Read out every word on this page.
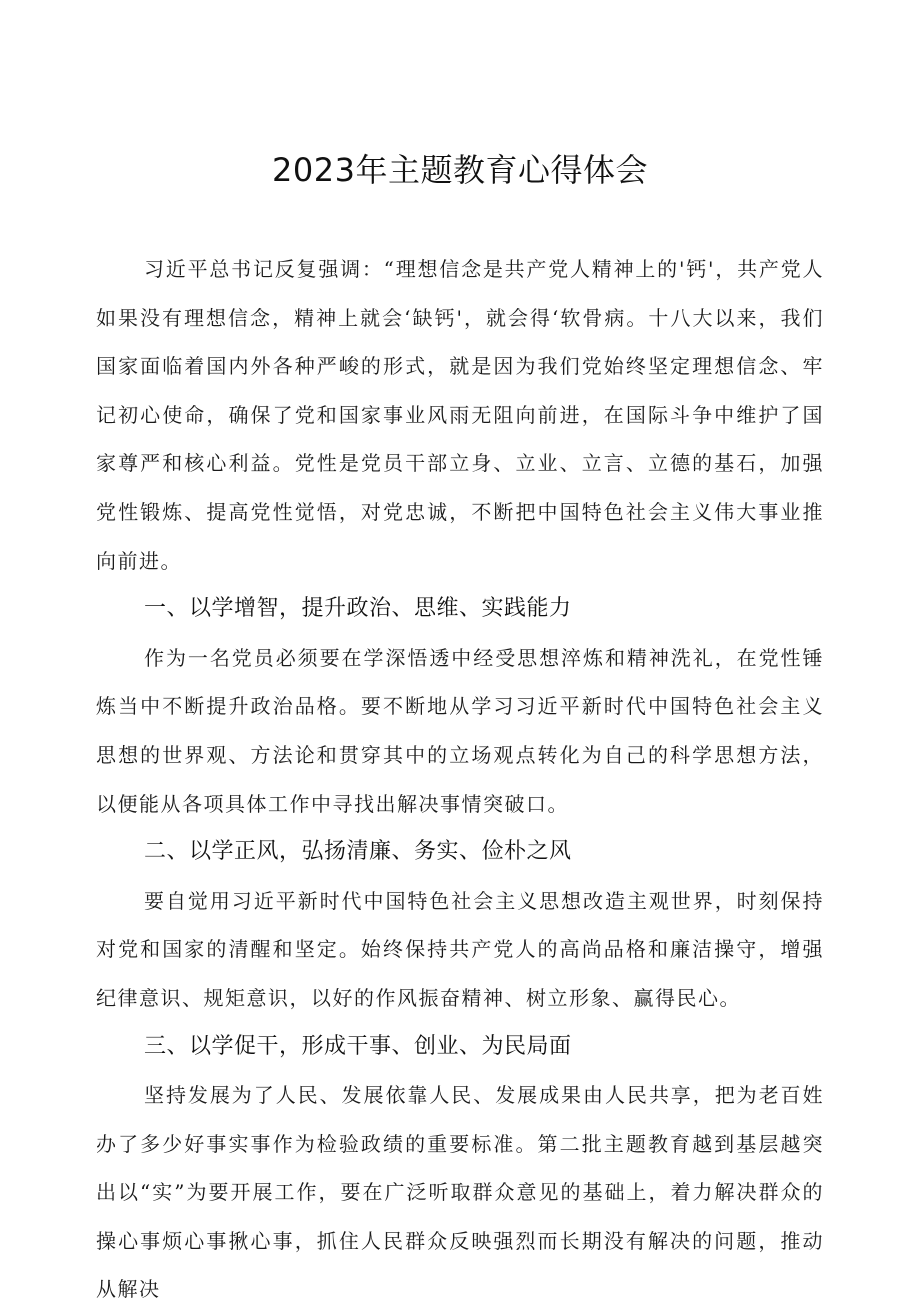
2023年主题教育心得体会

习近平总书记反复强调：“理想信念是共产党人精神上的'钙'，共产党人如果没有理想信念，精神上就会‘缺钙'，就会得‘软骨病。十八大以来，我们国家面临着国内外各种严峻的形式，就是因为我们党始终坚定理想信念、牢记初心使命，确保了党和国家事业风雨无阻向前进，在国际斗争中维护了国家尊严和核心利益。党性是党员干部立身、立业、立言、立德的基石，加强党性锻炼、提高党性觉悟，对党忠诚，不断把中国特色社会主义伟大事业推向前进。

一、以学增智，提升政治、思维、实践能力

作为一名党员必须要在学深悟透中经受思想淬炼和精神洗礼，在党性锤炼当中不断提升政治品格。要不断地从学习习近平新时代中国特色社会主义思想的世界观、方法论和贯穿其中的立场观点转化为自己的科学思想方法，以便能从各项具体工作中寻找出解决事情突破口。

二、以学正风，弘扬清廉、务实、俭朴之风

要自觉用习近平新时代中国特色社会主义思想改造主观世界，时刻保持对党和国家的清醒和坚定。始终保持共产党人的高尚品格和廉洁操守，增强纪律意识、规矩意识，以好的作风振奋精神、树立形象、赢得民心。

三、以学促干，形成干事、创业、为民局面

坚持发展为了人民、发展依靠人民、发展成果由人民共享，把为老百姓办了多少好事实事作为检验政绩的重要标准。第二批主题教育越到基层越突出以“实”为要开展工作，要在广泛听取群众意见的基础上，着力解决群众的操心事烦心事揪心事，抓住人民群众反映强烈而长期没有解决的问题，推动从解决
